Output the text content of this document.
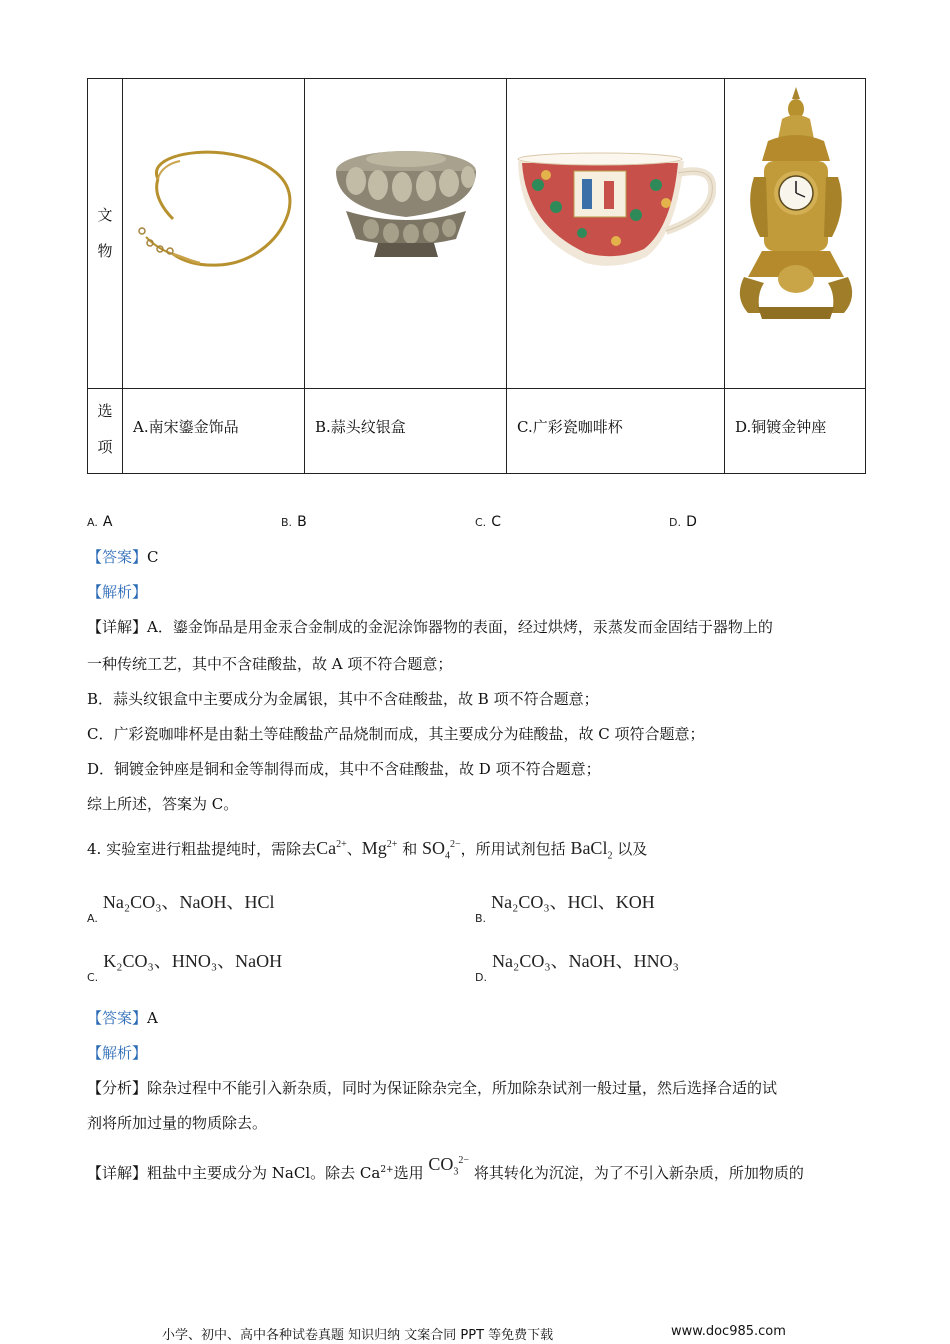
文
物
选
项
A.南宋鎏金饰品	B.蒜头纹银盒	C.广彩瓷咖啡杯	D.铜镀金钟座
A. A	B. B	C. C	D. D
【答案】C
【解析】
【详解】A．鎏金饰品是用金汞合金制成的金泥涂饰器物的表面，经过烘烤，汞蒸发而金固结于器物上的
一种传统工艺，其中不含硅酸盐，故 A 项不符合题意；
B．蒜头纹银盒中主要成分为金属银，其中不含硅酸盐，故 B 项不符合题意；
C．广彩瓷咖啡杯是由黏土等硅酸盐产品烧制而成，其主要成分为硅酸盐，故 C 项符合题意；
D．铜镀金钟座是铜和金等制得而成，其中不含硅酸盐，故 D 项不符合题意；
综上所述，答案为 C。
4. 实验室进行粗盐提纯时，需除去$Ca^{2+}$、$Mg^{2+}$ 和 $SO_4^{2-}$，所用试剂包括 BaCl$_2$ 以及
$_{A.}$ Na₂CO₃、NaOH、HCl
$_{B.}$ Na₂CO₃、HCl、KOH
$_{C.}$ K₂CO₃、HNO₃、NaOH
$_{D.}$ Na₂CO₃、NaOH、HNO₃
【答案】A
【解析】
【分析】除杂过程中不能引入新杂质，同时为保证除杂完全，所加除杂试剂一般过量，然后选择合适的试
剂将所加过量的物质除去。
【详解】粗盐中主要成分为 NaCl。除去 $Ca^{2+}$选用 $CO_3^{2-}$ 将其转化为沉淀，为了不引入新杂质，所加物质的
小学、初中、高中各种试卷真题 知识归纳 文案合同 PPT 等免费下载	www.doc985.com
